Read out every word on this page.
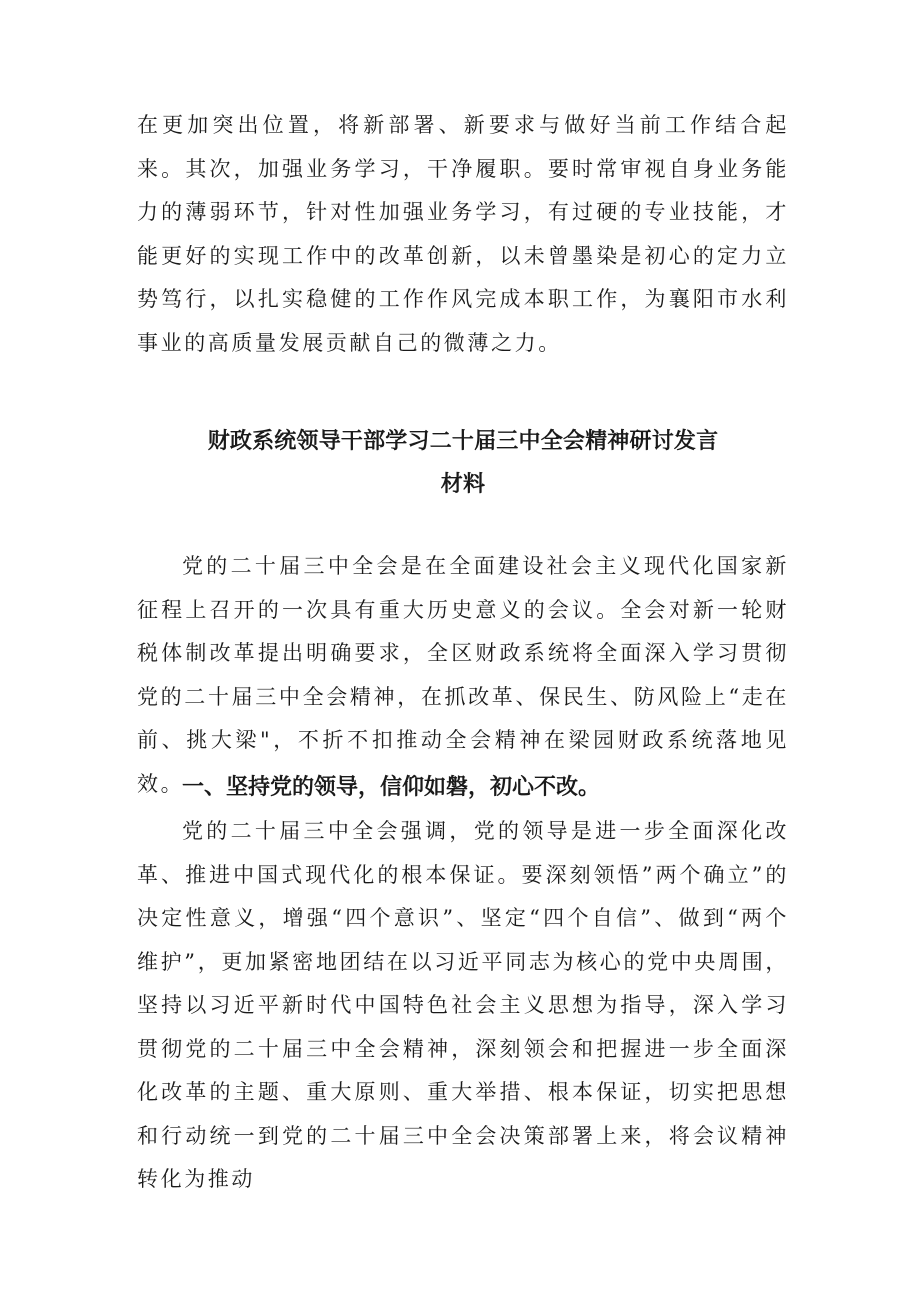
在更加突出位置，将新部署、新要求与做好当前工作结合起来。其次，加强业务学习，干净履职。要时常审视自身业务能力的薄弱环节，针对性加强业务学习，有过硬的专业技能，才能更好的实现工作中的改革创新，以未曾墨染是初心的定力立势笃行，以扎实稳健的工作作风完成本职工作，为襄阳市水利事业的高质量发展贡献自己的微薄之力。

财政系统领导干部学习二十届三中全会精神研讨发言
材料

党的二十届三中全会是在全面建设社会主义现代化国家新征程上召开的一次具有重大历史意义的会议。全会对新一轮财税体制改革提出明确要求，全区财政系统将全面深入学习贯彻党的二十届三中全会精神，在抓改革、保民生、防风险上“走在前、挑大梁"，不折不扣推动全会精神在梁园财政系统落地见效。

一、坚持党的领导，信仰如磐，初心不改。

党的二十届三中全会强调，党的领导是进一步全面深化改革、推进中国式现代化的根本保证。要深刻领悟”两个确立”的决定性意义，增强“四个意识”、坚定“四个自信”、做到“两个维护”，更加紧密地团结在以习近平同志为核心的党中央周围，坚持以习近平新时代中国特色社会主义思想为指导，深入学习贯彻党的二十届三中全会精神，深刻领会和把握进一步全面深化改革的主题、重大原则、重大举措、根本保证，切实把思想和行动统一到党的二十届三中全会决策部署上来，将会议精神转化为推动
